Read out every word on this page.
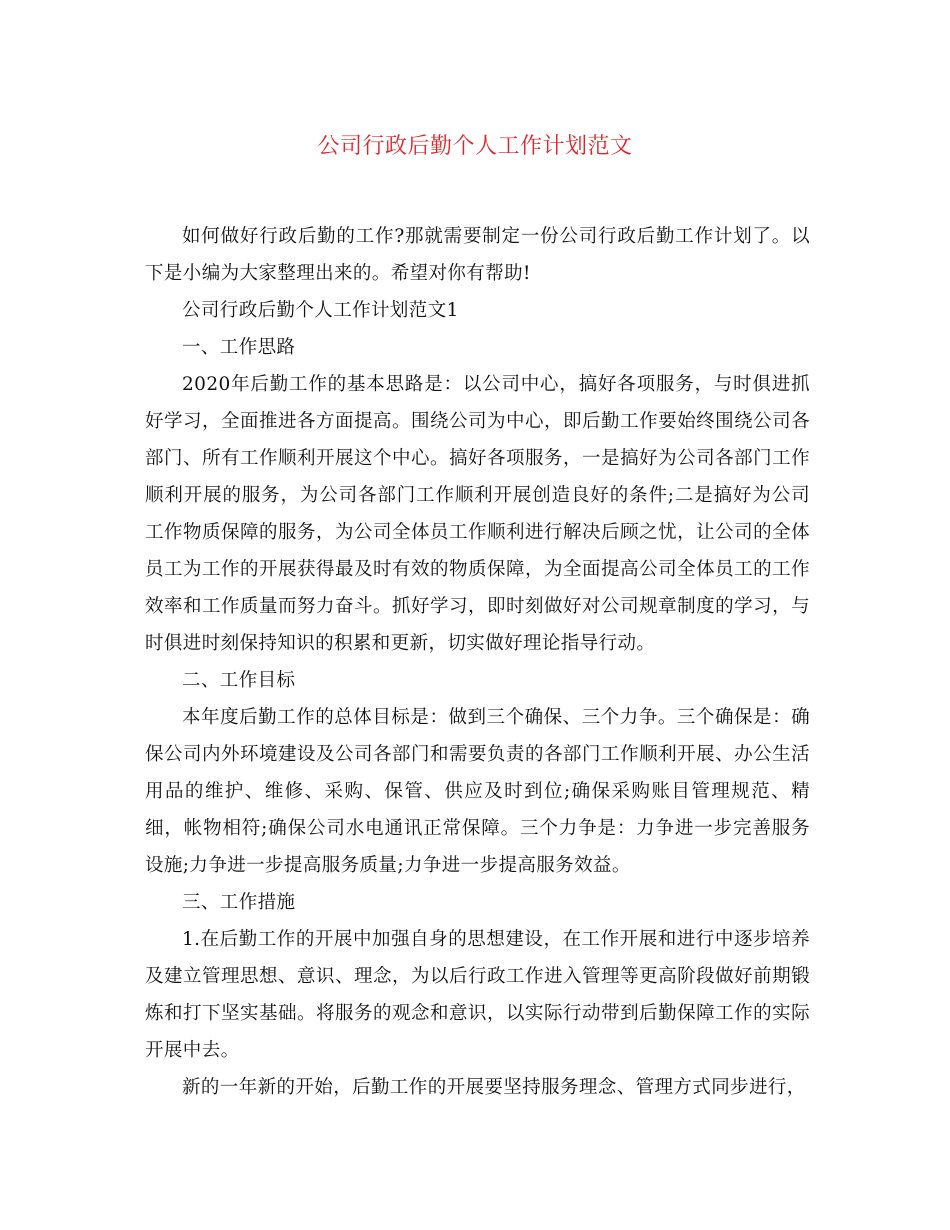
公司行政后勤个人工作计划范文

如何做好行政后勤的工作?那就需要制定一份公司行政后勤工作计划了。以下是小编为大家整理出来的。希望对你有帮助!

公司行政后勤个人工作计划范文1

一、工作思路

2020年后勤工作的基本思路是：以公司中心，搞好各项服务，与时俱进抓好学习，全面推进各方面提高。围绕公司为中心，即后勤工作要始终围绕公司各部门、所有工作顺利开展这个中心。搞好各项服务，一是搞好为公司各部门工作顺利开展的服务，为公司各部门工作顺利开展创造良好的条件;二是搞好为公司工作物质保障的服务，为公司全体员工作顺利进行解决后顾之忧，让公司的全体员工为工作的开展获得最及时有效的物质保障，为全面提高公司全体员工的工作效率和工作质量而努力奋斗。抓好学习，即时刻做好对公司规章制度的学习，与时俱进时刻保持知识的积累和更新，切实做好理论指导行动。

二、工作目标

本年度后勤工作的总体目标是：做到三个确保、三个力争。三个确保是：确保公司内外环境建设及公司各部门和需要负责的各部门工作顺利开展、办公生活用品的维护、维修、采购、保管、供应及时到位;确保采购账目管理规范、精细，帐物相符;确保公司水电通讯正常保障。三个力争是：力争进一步完善服务设施;力争进一步提高服务质量;力争进一步提高服务效益。

三、工作措施

1.在后勤工作的开展中加强自身的思想建设，在工作开展和进行中逐步培养及建立管理思想、意识、理念，为以后行政工作进入管理等更高阶段做好前期锻炼和打下坚实基础。将服务的观念和意识，以实际行动带到后勤保障工作的实际开展中去。

新的一年新的开始，后勤工作的开展要坚持服务理念、管理方式同步进行，
